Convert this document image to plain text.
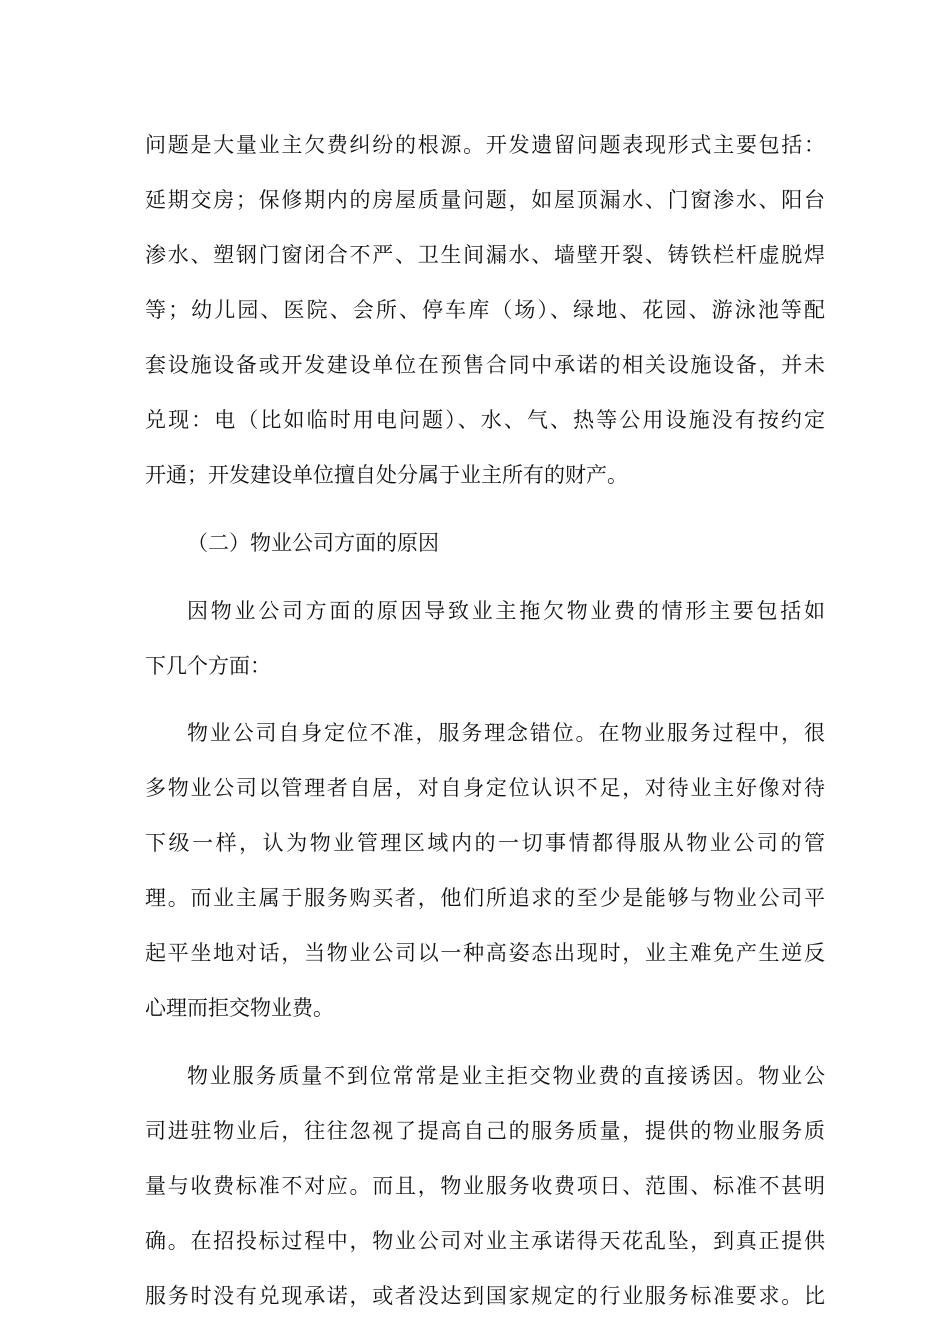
问题是大量业主欠费纠纷的根源。开发遗留问题表现形式主要包括：
延期交房；保修期内的房屋质量问题，如屋顶漏水、门窗渗水、阳台
渗水、塑钢门窗闭合不严、卫生间漏水、墙壁开裂、铸铁栏杆虚脱焊
等；幼儿园、医院、会所、停车库（场）、绿地、花园、游泳池等配
套设施设备或开发建设单位在预售合同中承诺的相关设施设备，并未
兑现：电（比如临时用电问题）、水、气、热等公用设施没有按约定
开通；开发建设单位擅自处分属于业主所有的财产。
（二）物业公司方面的原因
因物业公司方面的原因导致业主拖欠物业费的情形主要包括如
下几个方面：
物业公司自身定位不准，服务理念错位。在物业服务过程中，很
多物业公司以管理者自居，对自身定位认识不足，对待业主好像对待
下级一样，认为物业管理区域内的一切事情都得服从物业公司的管
理。而业主属于服务购买者，他们所追求的至少是能够与物业公司平
起平坐地对话，当物业公司以一种高姿态出现时，业主难免产生逆反
心理而拒交物业费。
物业服务质量不到位常常是业主拒交物业费的直接诱因。物业公
司进驻物业后，往往忽视了提高自己的服务质量，提供的物业服务质
量与收费标准不对应。而且，物业服务收费项日、范围、标准不甚明
确。在招投标过程中，物业公司对业主承诺得天花乱坠，到真正提供
服务时没有兑现承诺，或者没达到国家规定的行业服务标准要求。比
